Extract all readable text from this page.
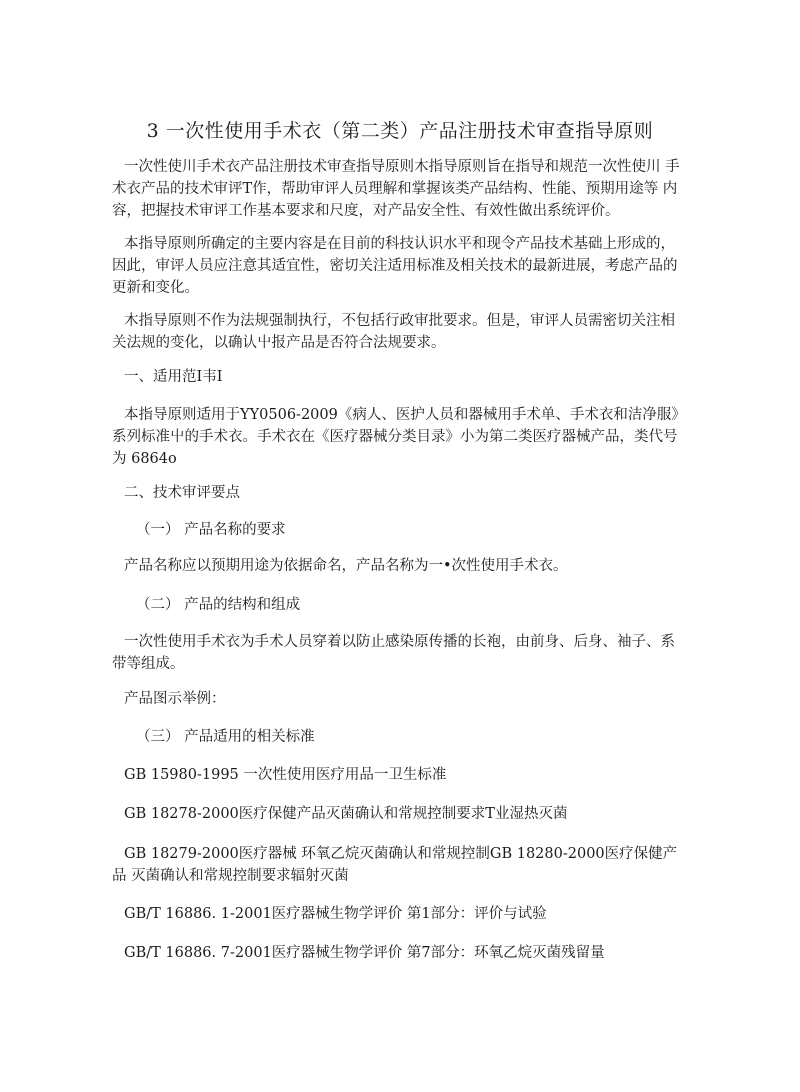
3 一次性使用手术衣（第二类）产品注册技术审查指导原则

一次性使川手术衣产品注册技术审查指导原则木指导原则旨在指导和规范一次性使川 手术衣产品的技术审评T作，帮助审评人员理解和掌握该类产品结构、性能、预期用途等 内容，把握技术审评工作基本要求和尺度，对产品安全性、有效性做出系统评价。

本指导原则所确定的主要内容是在目前的科技认识水平和现令产品技术基础上形成的，因此，审评人员应注意其适宜性，密切关注适用标准及相关技术的最新进展，考虑产品的更新和变化。

木指导原则不作为法规强制执行，不包括行政审批要求。但是，审评人员需密切关注相关法规的变化，以确认屮报产品是否符合法规要求。

一、适用范I韦I

本指导原则适用于YY0506-2009《病人、医护人员和器械用手术单、手术衣和洁净服》系列标准屮的手术衣。手术衣在《医疗器械分类目录》小为第二类医疗器械产品，类代号为 6864o

二、技术审评要点

（一） 产品名称的要求

产品名称应以预期用途为依据命名，产品名称为一•次性使用手术衣。

（二） 产品的结构和组成

一次性使用手术衣为手术人员穿着以防止感染原传播的长袍，由前身、后身、袖子、系带等组成。

产品图示举例：

（三） 产品适用的相关标准

GB 15980-1995 一次性使用医疗用品一卫生标准

GB 18278-2000医疗保健产品灭菌确认和常规控制要求T业湿热灭菌

GB 18279-2000医疗器械 环氧乙烷灭菌确认和常规控制GB 18280-2000医疗保健产品 灭菌确认和常规控制要求辐射灭菌

GB/T 16886. 1-2001医疗器械生物学评价 第1部分：评价与试验

GB/T 16886. 7-2001医疗器械生物学评价 第7部分：环氧乙烷灭菌残留量
